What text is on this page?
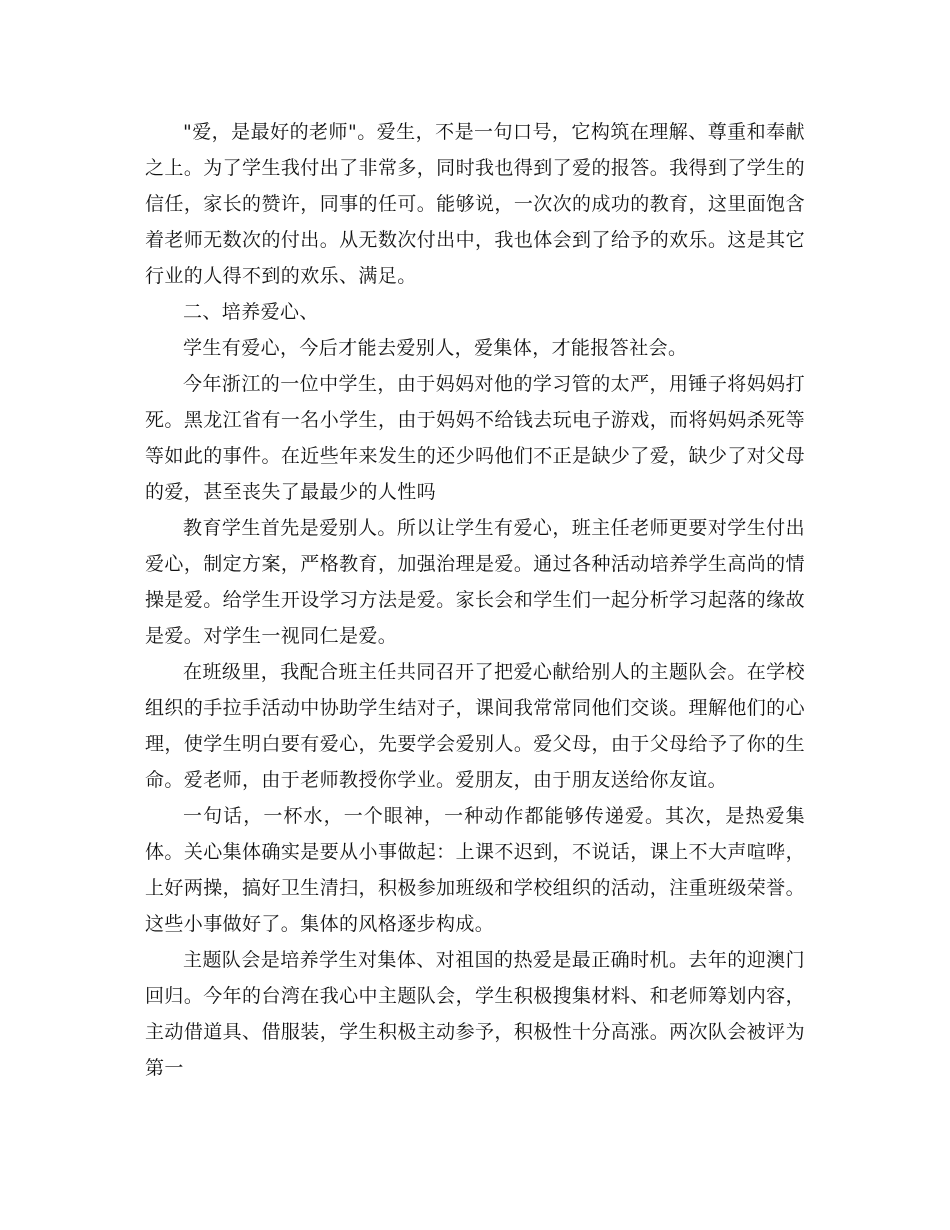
"爱，是最好的老师"。爱生，不是一句口号，它构筑在理解、尊重和奉献之上。为了学生我付出了非常多，同时我也得到了爱的报答。我得到了学生的信任，家长的赞许，同事的任可。能够说，一次次的成功的教育，这里面饱含着老师无数次的付出。从无数次付出中，我也体会到了给予的欢乐。这是其它行业的人得不到的欢乐、满足。

二、培养爱心、

学生有爱心，今后才能去爱别人，爱集体，才能报答社会。

今年浙江的一位中学生，由于妈妈对他的学习管的太严，用锤子将妈妈打死。黑龙江省有一名小学生，由于妈妈不给钱去玩电子游戏，而将妈妈杀死等等如此的事件。在近些年来发生的还少吗他们不正是缺少了爱，缺少了对父母的爱，甚至丧失了最最少的人性吗

教育学生首先是爱别人。所以让学生有爱心，班主任老师更要对学生付出爱心，制定方案，严格教育，加强治理是爱。通过各种活动培养学生高尚的情操是爱。给学生开设学习方法是爱。家长会和学生们一起分析学习起落的缘故是爱。对学生一视同仁是爱。

在班级里，我配合班主任共同召开了把爱心献给别人的主题队会。在学校组织的手拉手活动中协助学生结对子，课间我常常同他们交谈。理解他们的心理，使学生明白要有爱心，先要学会爱别人。爱父母，由于父母给予了你的生命。爱老师，由于老师教授你学业。爱朋友，由于朋友送给你友谊。

一句话，一杯水，一个眼神，一种动作都能够传递爱。其次，是热爱集体。关心集体确实是要从小事做起：上课不迟到，不说话，课上不大声喧哗，上好两操，搞好卫生清扫，积极参加班级和学校组织的活动，注重班级荣誉。这些小事做好了。集体的风格逐步构成。

主题队会是培养学生对集体、对祖国的热爱是最正确时机。去年的迎澳门回归。今年的台湾在我心中主题队会，学生积极搜集材料、和老师筹划内容，主动借道具、借服装，学生积极主动参予，积极性十分高涨。两次队会被评为第一
